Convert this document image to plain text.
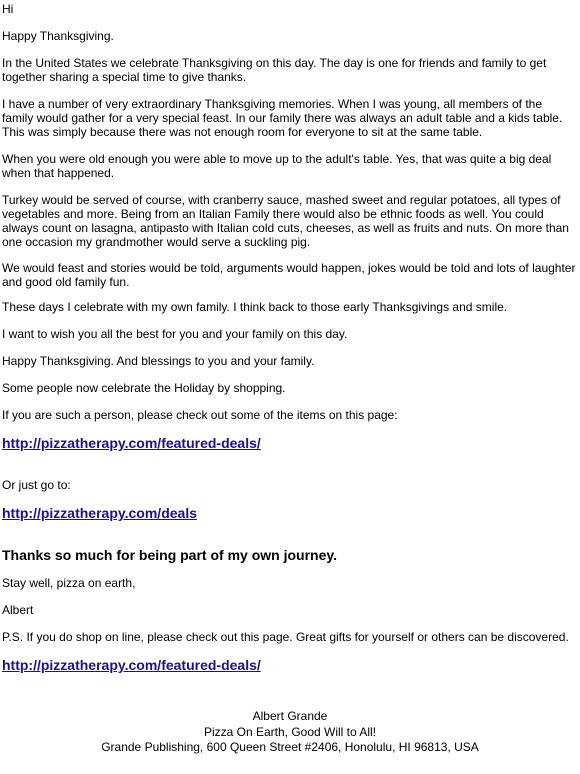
Hi

Happy Thanksgiving.

In the United States we celebrate Thanksgiving on this day. The day is one for friends and family to get together sharing a special time to give thanks.

I have a number of very extraordinary Thanksgiving memories. When I was young, all members of the family would gather for a very special feast. In our family there was always an adult table and a kids table. This was simply because there was not enough room for everyone to sit at the same table.

When you were old enough you were able to move up to the adult's table. Yes, that was quite a big deal when that happened.

Turkey would be served of course, with cranberry sauce, mashed sweet and regular potatoes, all types of vegetables and more. Being from an Italian Family there would also be ethnic foods as well. You could always count on lasagna, antipasto with Italian cold cuts, cheeses, as well as fruits and nuts. On more than one occasion my grandmother would serve a suckling pig.

We would feast and stories would be told, arguments would happen, jokes would be told and lots of laughter and good old family fun.

These days I celebrate with my own family. I think back to those early Thanksgivings and smile.

I want to wish you all the best for you and your family on this day.

Happy Thanksgiving. And blessings to you and your family.

Some people now celebrate the Holiday by shopping.

If you are such a person, please check out some of the items on this page:

http://pizzatherapy.com/featured-deals/

Or just go to:

http://pizzatherapy.com/deals
Thanks so much for being part of my own journey.

Stay well, pizza on earth,

Albert

P.S. If you do shop on line, please check out this page. Great gifts for yourself or others can be discovered.

http://pizzatherapy.com/featured-deals/
Albert Grande
Pizza On Earth, Good Will to All!
Grande Publishing, 600 Queen Street #2406, Honolulu, HI 96813, USA
